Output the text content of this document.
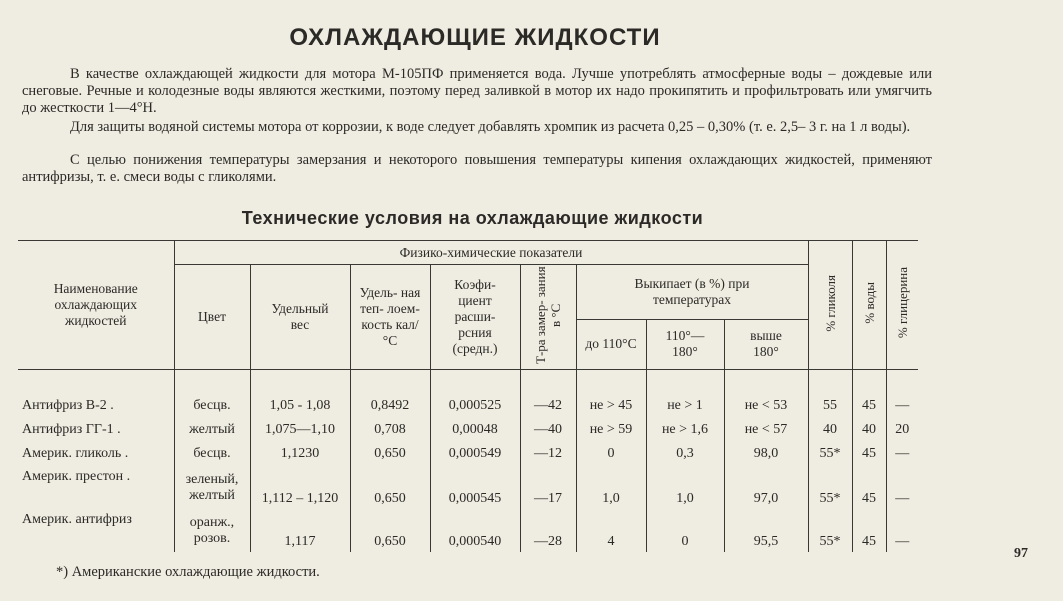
ОХЛАЖДАЮЩИЕ ЖИДКОСТИ
В качестве охлаждающей жидкости для мотора М-105ПФ применяется вода. Лучше употреблять атмосферные воды – дождевые или снеговые. Речные и колодезные воды являются жесткими, поэтому перед заливкой в мотор их надо прокипятить и профильтровать или умягчить до жесткости 1—4°Н.
Для защиты водяной системы мотора от коррозии, к воде следует добавлять хромпик из расчета 0,25 – 0,30% (т. е. 2,5– 3 г. на 1 л воды).
С целью понижения температуры замерзания и некоторого повышения температуры кипения охлаждающих жидкостей, применяют антифризы, т. е. смеси воды с гликолями.
Технические условия на охлаждающие жидкости
Наименование охлаждающих жидкостей	Физико-химические показатели								% гликоля	% воды	% глицерина
	Цвет	Удельный вес	Удель- ная теп- лоем- кость кал/°С	Коэфи- циент расши- рсния (средн.)	Т-ра замер- зания в °С	Выкипает (в %) при температурах					
						до 110°С	110°— 180°	выше 180°			

Антифриз В-2 .	бесцв.	1,05 - 1,08	0,8492	0,000525	—42	не > 45	не > 1	не < 53	55	45	—
Антифриз ГГ-1 .	желтый	1,075—1,10	0,708	0,00048	—40	не > 59	не > 1,6	не < 57	40	40	20
Америк. гликоль .	бесцв.	1,1230	0,650	0,000549	—12	0	0,3	98,0	55*	45	—
Америк. престон .	зеленый, желтый	1,112 – 1,120	0,650	0,000545	—17	1,0	1,0	97,0	55*	45	—
Америк. антифриз	оранж., розов.	1,117	0,650	0,000540	—28	4	0	95,5	55*	45	—
*) Американские охлаждающие жидкости.
97
